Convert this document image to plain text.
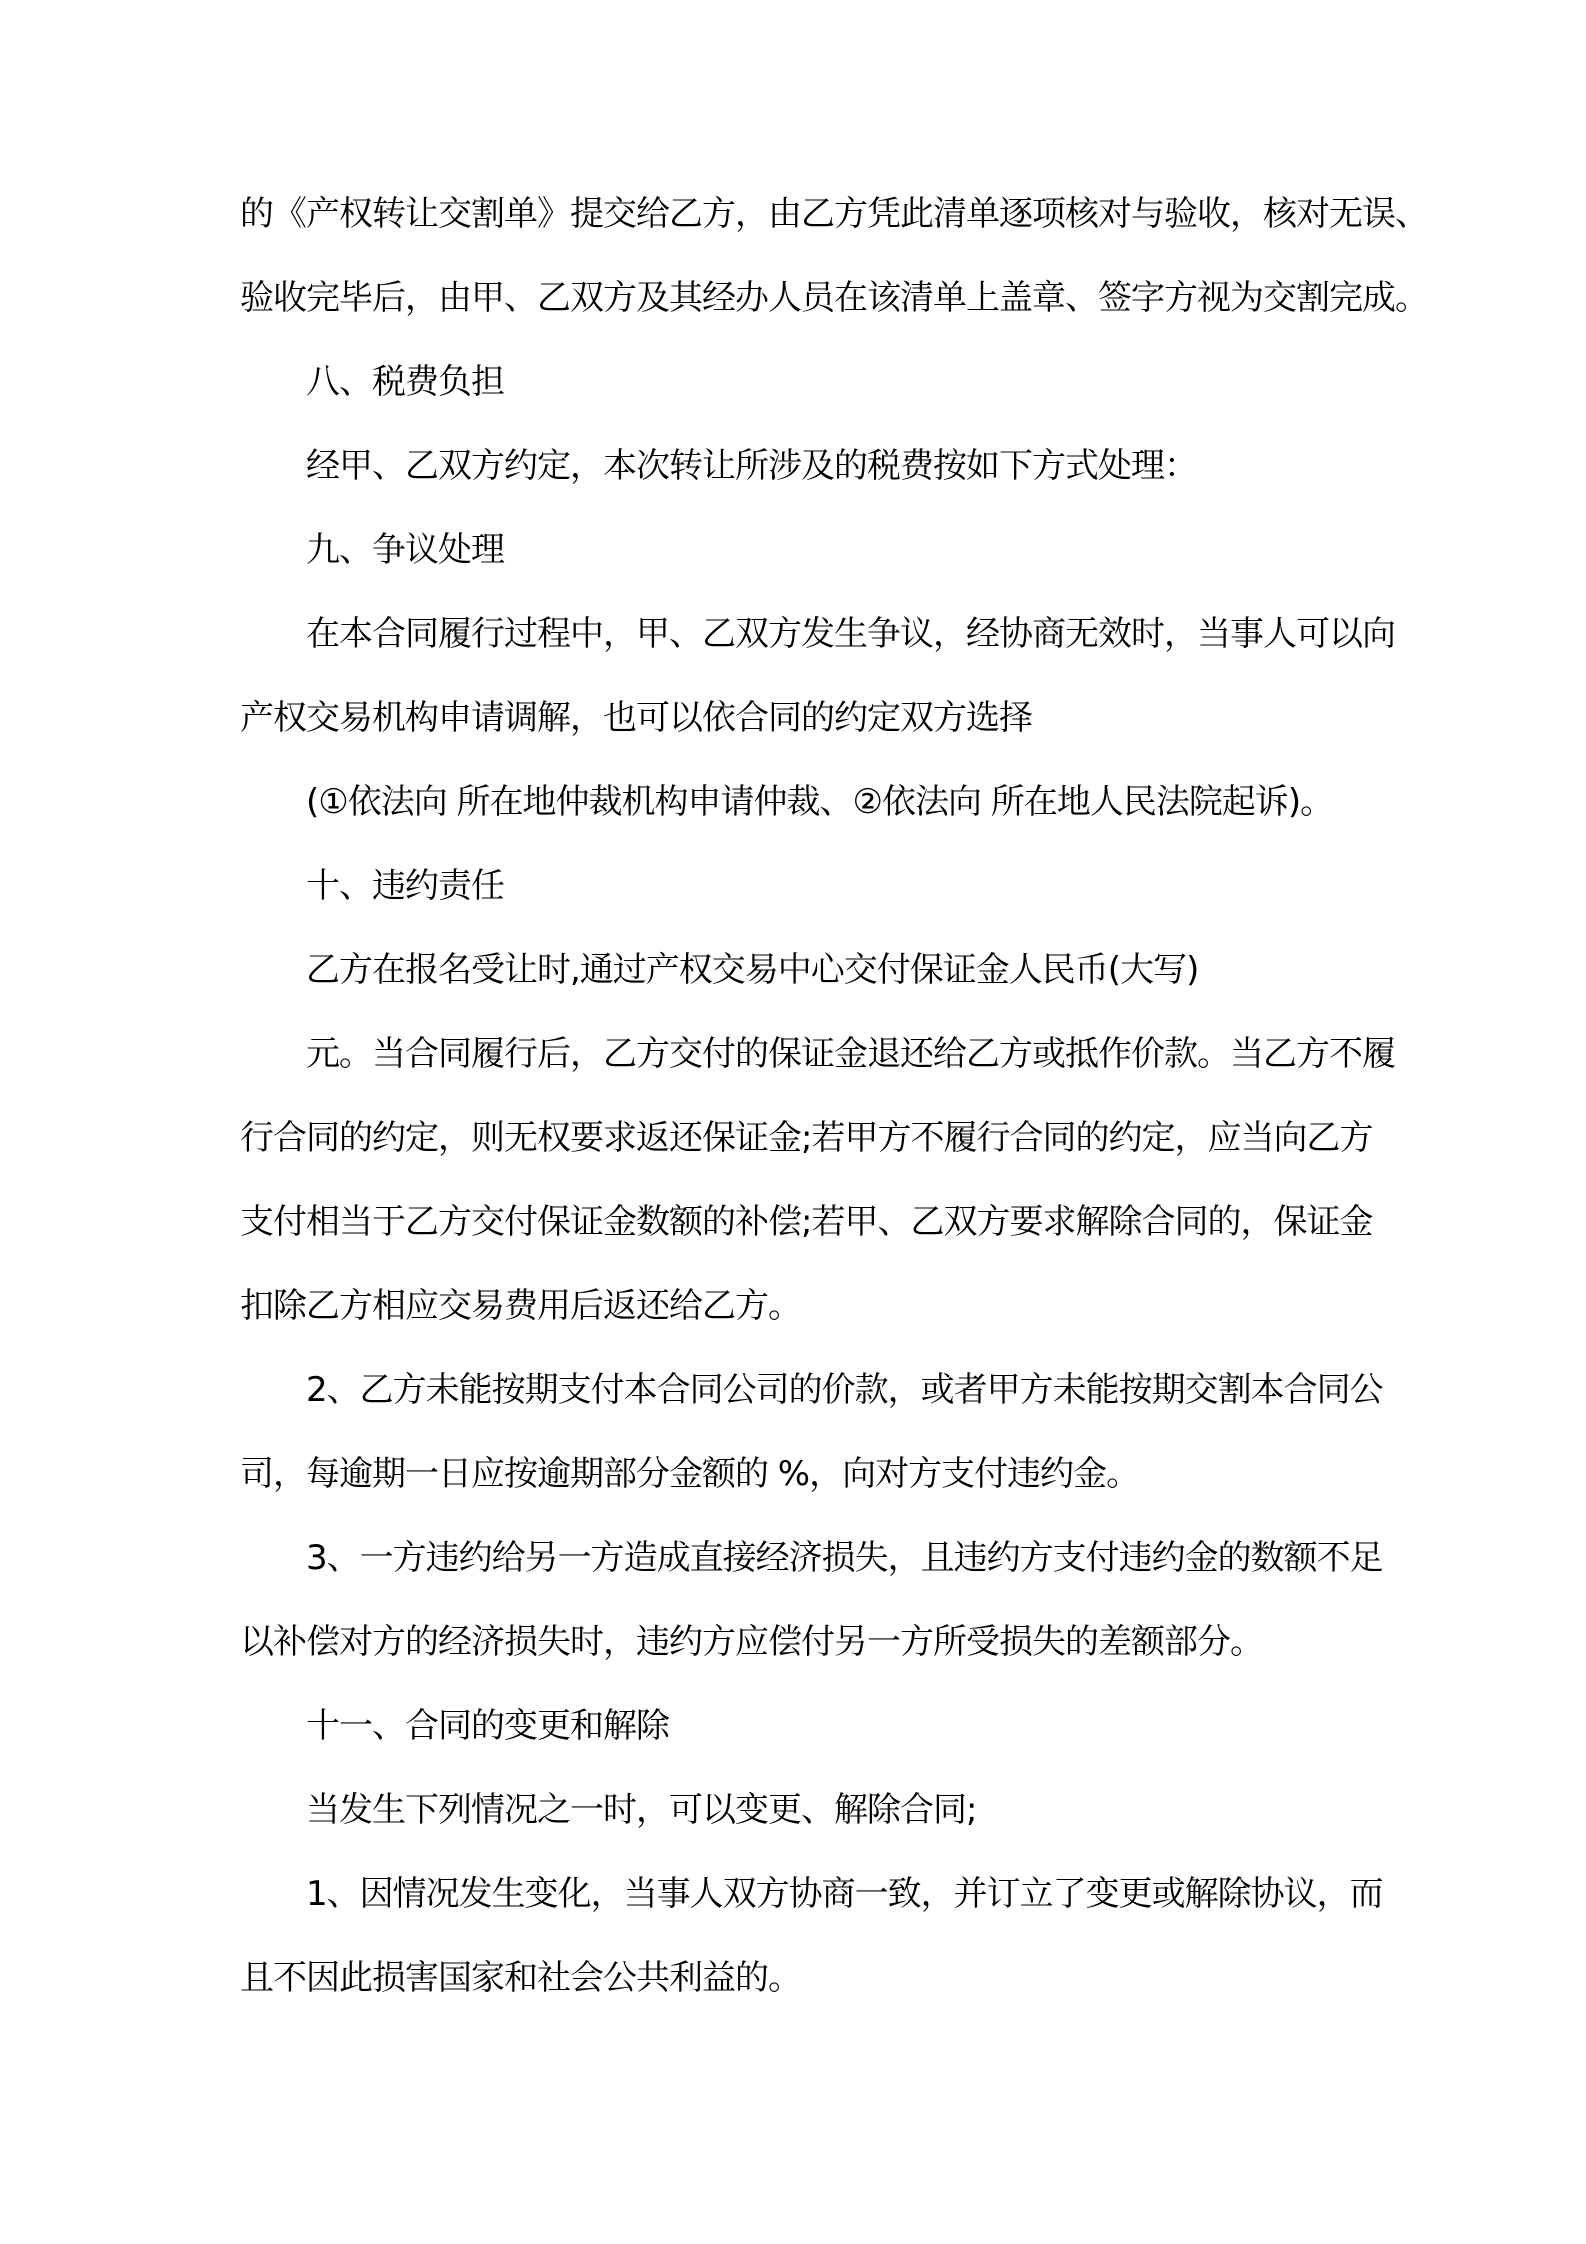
的《产权转让交割单》提交给乙方，由乙方凭此清单逐项核对与验收，核对无误、
验收完毕后，由甲、乙双方及其经办人员在该清单上盖章、签字方视为交割完成。
八、税费负担
经甲、乙双方约定，本次转让所涉及的税费按如下方式处理：
九、争议处理
在本合同履行过程中，甲、乙双方发生争议，经协商无效时，当事人可以向
产权交易机构申请调解，也可以依合同的约定双方选择
(①依法向 所在地仲裁机构申请仲裁、②依法向 所在地人民法院起诉)。
十、违约责任
乙方在报名受让时,通过产权交易中心交付保证金人民币(大写)
元。当合同履行后，乙方交付的保证金退还给乙方或抵作价款。当乙方不履
行合同的约定，则无权要求返还保证金;若甲方不履行合同的约定，应当向乙方
支付相当于乙方交付保证金数额的补偿;若甲、乙双方要求解除合同的，保证金
扣除乙方相应交易费用后返还给乙方。
2、乙方未能按期支付本合同公司的价款，或者甲方未能按期交割本合同公
司，每逾期一日应按逾期部分金额的 %，向对方支付违约金。
3、一方违约给另一方造成直接经济损失，且违约方支付违约金的数额不足
以补偿对方的经济损失时，违约方应偿付另一方所受损失的差额部分。
十一、合同的变更和解除
当发生下列情况之一时，可以变更、解除合同;
1、因情况发生变化，当事人双方协商一致，并订立了变更或解除协议，而
且不因此损害国家和社会公共利益的。
